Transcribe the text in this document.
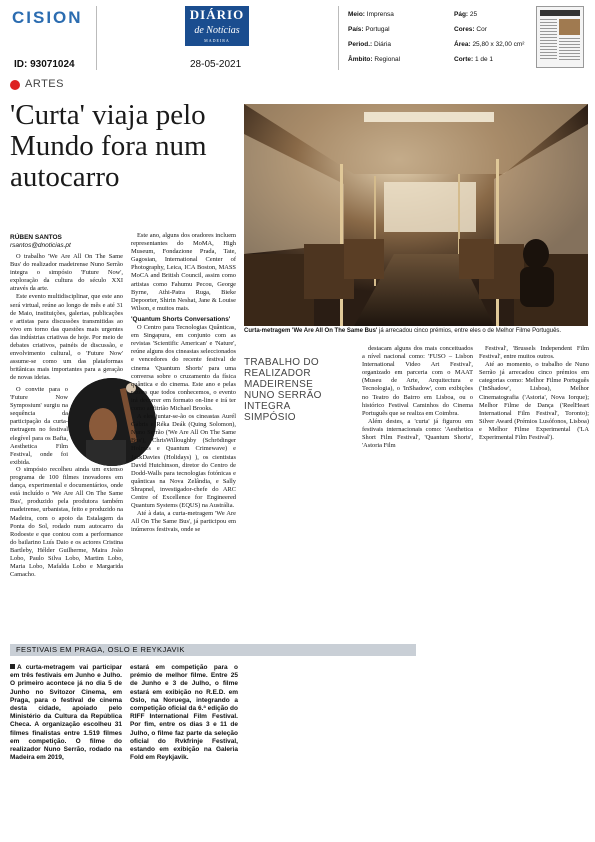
CISION
ID: 93071024
DIÁRIO
de Notícias
MADEIRA
28-05-2021
Meio: Imprensa
País: Portugal
Period.: Diária
Âmbito: Regional
Pág: 25
Cores: Cor
Área: 25,80 x 32,00 cm²
Corte: 1 de 1
ARTES
'Curta' viaja pelo Mundo fora num autocarro
Curta-metragem 'We Are All On The Same Bus' já arrecadou cinco prémios, entre eles o de Melhor Filme Português.
RÚBEN SANTOS
rsantos@dnoticias.pt

O trabalho 'We Are All On The Same Bus' do realizador madeirense Nuno Serrão integra o simpósio 'Future Now', exploração da cultura do século XXI através da arte.

Este evento multidisciplinar, que este ano será virtual, reúne ao longo de mês e até 31 de Maio, instituições, galerias, publicações e artistas para discussões transmitidas ao vivo em torno das questões mais urgentes das indústrias criativas de hoje. Por meio de debates criativos, painéis de discussão, e envolvimento cultural, o 'Future Now' assume-se como um das plataformas britânicas mais importantes para a geração de novas ideias.

O convite para o 'Future Now Symposium' surgiu na sequência da participação da curta-metragem no festival elegível para os Bafta, Aesthetica Film Festival, onde foi exibida.

O simpósio recolheu ainda um extenso programa de 100 filmes inovadores em dança, experimental e documentários, onde está incluído o 'We Are All On The Same Bus', produzido pela produtora também madeirense, urbanistas, feito e produzido na Madeira, com o apoio da Estalagem da Ponta do Sol, rodado num autocarro da Rodoeste e que contou com a performance do bailarino Luís Daio e os actores Cristina Bartleby, Hélder Guilherme, Maira João Lobo, Paulo Silva Lobo, Martim Lobo, Maria Lobo, Mafalda Lobo e Margarida Camacho.

Este ano, alguns dos oradores incluem representantes do MoMA, High Museum, Fondazione Prada, Tate, Gagosian, International Center of Photography, Leica, ICA Boston, MASS MoCA and British Council, assim como artistas como Fahumu Pecou, George Byrne, Athi-Patra Ruga, Bieke Depoorter, Shirin Neshat, Jane & Louise Wilson, e muitos mais.

'Quantum Shorts Conversations'

O Centro para Tecnologias Quânticas, em Singapura, em conjunto com as revistas 'Scientific American' e 'Nature', reúne alguns dos cineastas seleccionados e vencedores do recente festival de cinema 'Quantum Shorts' para uma conversa sobre o cruzamento da física quântica e do cinema. Este ano e pelas razões que todos conhecemos, o evento irá decorrer em formato on-line e irá ter como anfitrião Michael Brooks.

A eles juntar-se-ão os cineastas Aurél Gábris e Réka Deák (Quing Solomon), Nuno Serrão ('We Are All On The Same Bus'), ChrisWilloughby (Schrödinger Holmes e Quantum Crimewave) e JackDavies (Holidays) ), os cientistas David Hutchinson, diretor do Centro de Dodd-Walls para tecnologias fotónicas e quânticas na Nova Zelândia, e Sally Shrapnel, investigador-chefe do ARC Centre of Excellence for Engineered Quantum Systems (EQUS) na Austrália.

Até à data, a curta-metragem 'We Are All On The Same Bus', já participou em inúmeros festivais, onde se

TRABALHO DO REALIZADOR MADEIRENSE NUNO SERRÃO INTEGRA SIMPÓSIO

destacam alguns dos mais conceituados a nível nacional como: 'FUSO – Lisbon International Video Art Festival', organizado em parceria com o MAAT (Museu de Arte, Arquitectura e Tecnologia), o 'InShadow', com exibições no Teatro do Bairro em Lisboa, ou o histórico Festival Caminhos do Cinema Português que se realiza em Coimbra.

Além destes, a 'curta' já figurou em festivais internacionais como: 'Aesthetica Short Film Festival', 'Quantum Shorts', 'Astoria Film

Festival', 'Brussels Independent Film Festival', entre muitos outros.

Até ao momento, o trabalho de Nuno Serrão já arrecadou cinco prémios em categorias como: Melhor Filme Português ('InShadow', Lisboa), Melhor Cinematografia ('Astoria', Nova Iorque); Melhor Filme de Dança ('ReelHeart International Film Festival', Toronto); Silver Award (Prémios Lusófonos, Lisboa) e Melhor Filme Experimental ('LA Experimental Film Festival').

FESTIVAIS EM PRAGA, OSLO E REYKJAVIK
A curta-metragem vai participar em três festivais em Junho e Julho. O primeiro acontece já no dia 5 de Junho no Svitozor Cinema, em Praga, para o festival de cinema desta cidade, apoiado pelo Ministério da Cultura da República Checa. A organização escolheu 31 filmes finalistas entre 1.519 filmes em competição. O filme do realizador Nuno Serrão, rodado na Madeira em 2019,
estará em competição para o prémio de melhor filme. Entre 25 de Junho e 3 de Julho, o filme estará em exibição no R.E.D. em Oslo, na Noruega, integrando a competição oficial da 6.ª edição do RIFF International Film Festival. Por fim, entre os dias 3 e 11 de Julho, o filme faz parte da seleção oficial do Rvkfrinje Festival, estando em exibição na Galeria Fold em Reykjavik.
